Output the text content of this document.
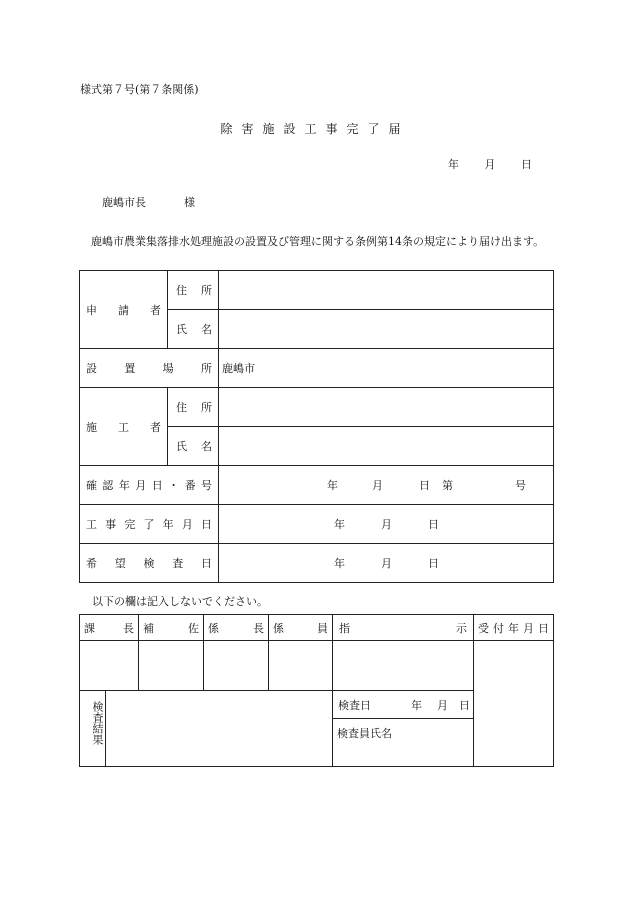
様式第７号(第７条関係)
除害施設工事完了届
年 月 日
鹿嶋市長	様
鹿嶋市農業集落排水処理施設の設置及び管理に関する条例第14条の規定により届け出ます。
申請者	住所	
	氏名	
設置場所		鹿嶋市
施工者	住所	
	氏名	
確認年月日・番号		年 月 日 第 号

工事完了年月日		年 月 日

希望検査日		年 月 日
以下の欄は記入しないでください。
課長		補佐	係長	係員	指 示	受付年月日

検査結果					検査日 年 月 日	

					検査員氏名	
